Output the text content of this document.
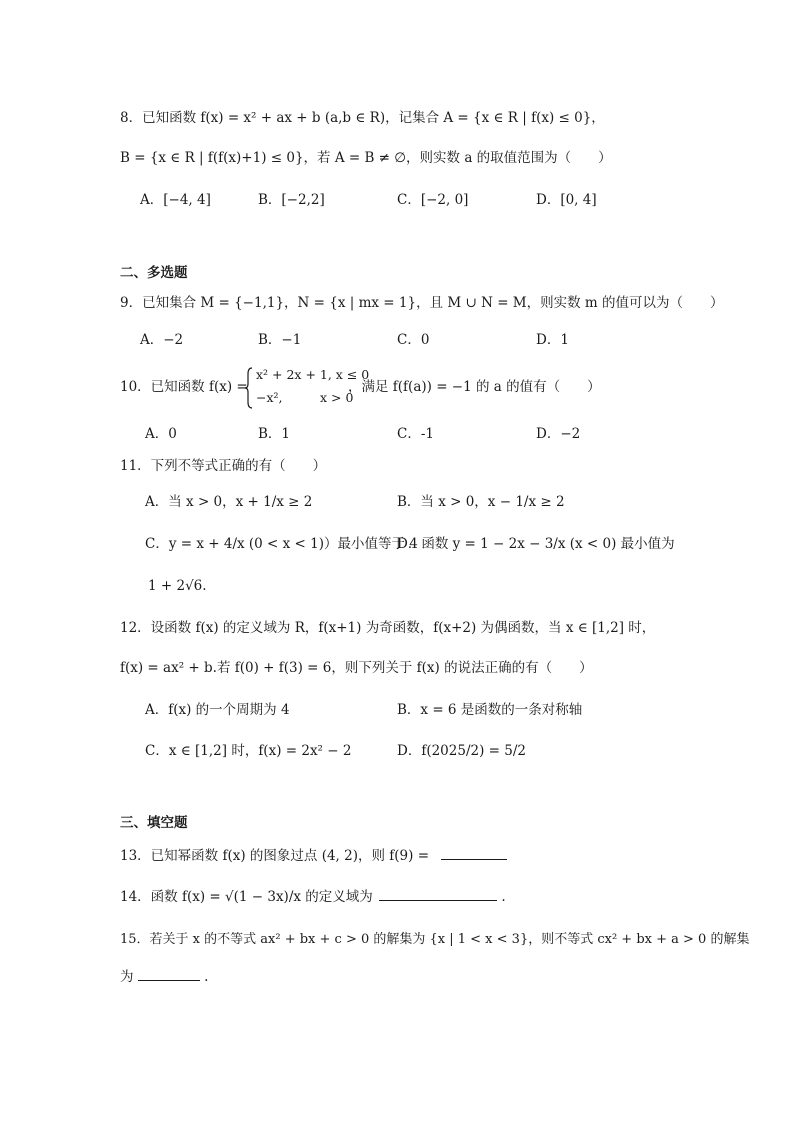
8．已知函数 f(x) = x² + ax + b (a,b ∈ R)，记集合 A = {x ∈ R | f(x) ≤ 0}，
B = {x ∈ R | f(f(x)+1) ≤ 0}，若 A = B ≠ ∅，则实数 a 的取值范围为（　　）
A．[−4, 4]	B．[−2,2]	C．[−2, 0]	D．[0, 4]
二、多选题
9．已知集合 M = {−1,1}，N = {x | mx = 1}，且 M ∪ N = M，则实数 m 的值可以为（　　）
A．−2	B．−1	C．0	D．1
10．已知函数 f(x) =
x² + 2x + 1, x ≤ 0
−x²,　　　x > 0
，满足 f(f(a)) = −1 的 a 的值有（　　）
A．0	B．1	C．-1	D．−2
11．下列不等式正确的有（　　）
A．当 x > 0，x + 1/x ≥ 2	B．当 x > 0，x − 1/x ≥ 2
C．y = x + 4/x (0 < x < 1)）最小值等于 4
D．函数 y = 1 − 2x − 3/x (x < 0) 最小值为
1 + 2√6.
12．设函数 f(x) 的定义域为 R，f(x+1) 为奇函数，f(x+2) 为偶函数，当 x ∈ [1,2] 时，
f(x) = ax² + b.若 f(0) + f(3) = 6，则下列关于 f(x) 的说法正确的有（　　）
A．f(x) 的一个周期为 4	B．x = 6 是函数的一条对称轴
C．x ∈ [1,2] 时，f(x) = 2x² − 2	D．f(2025/2) = 5/2
三、填空题
13．已知幂函数 f(x) 的图象过点 (4, 2)，则 f(9) =
14．函数 f(x) = √(1 − 3x)/x 的定义域为	.
15．若关于 x 的不等式 ax² + bx + c > 0 的解集为 {x | 1 < x < 3}，则不等式 cx² + bx + a > 0 的解集
为	.
